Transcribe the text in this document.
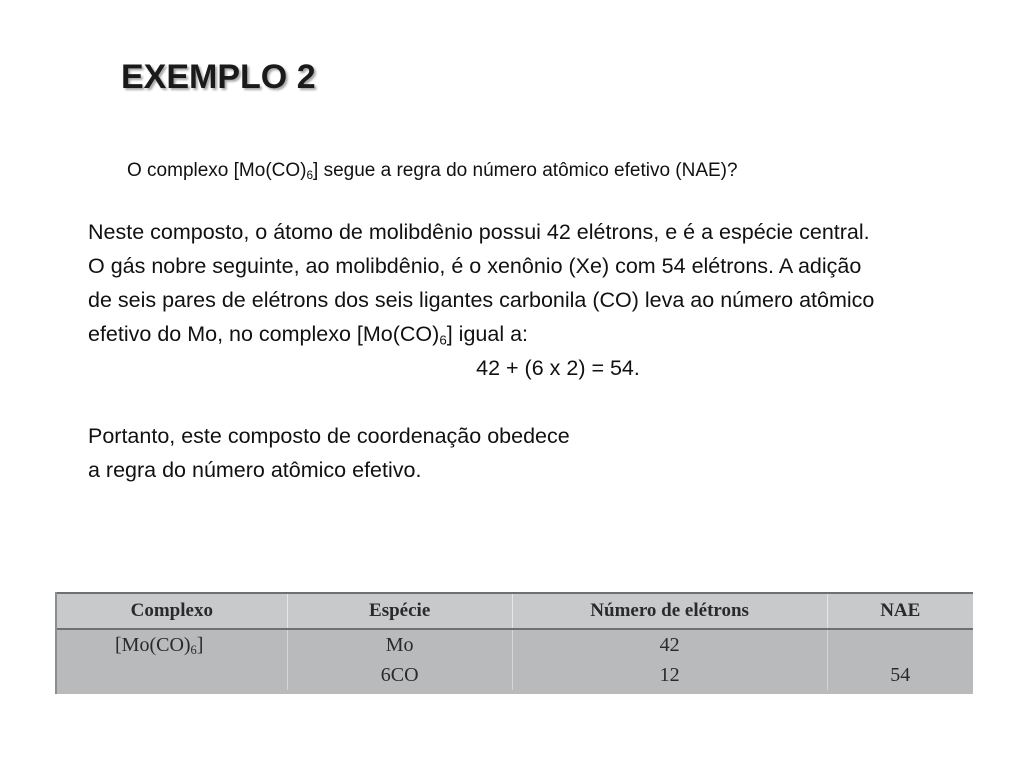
EXEMPLO 2
O complexo $[Mo(CO)_6]$ segue a regra do número atômico efetivo (NAE)?

Neste composto, o átomo de molibdênio possui 42 elétrons, e é a espécie central. O gás nobre seguinte, ao molibdênio, é o xenônio (Xe) com 54 elétrons. A adição de seis pares de elétrons dos seis ligantes carbonila (CO) leva ao número atômico efetivo do Mo, no complexo $[Mo(CO)_6]$ igual a:

42 + (6 x 2) = 54.

Portanto, este composto de coordenação obedece

a regra do número atômico efetivo.

Complexo	Espécie	Número de elétrons	NAE
$[Mo(CO)_6]$	Mo	42	
	6CO	12	54
